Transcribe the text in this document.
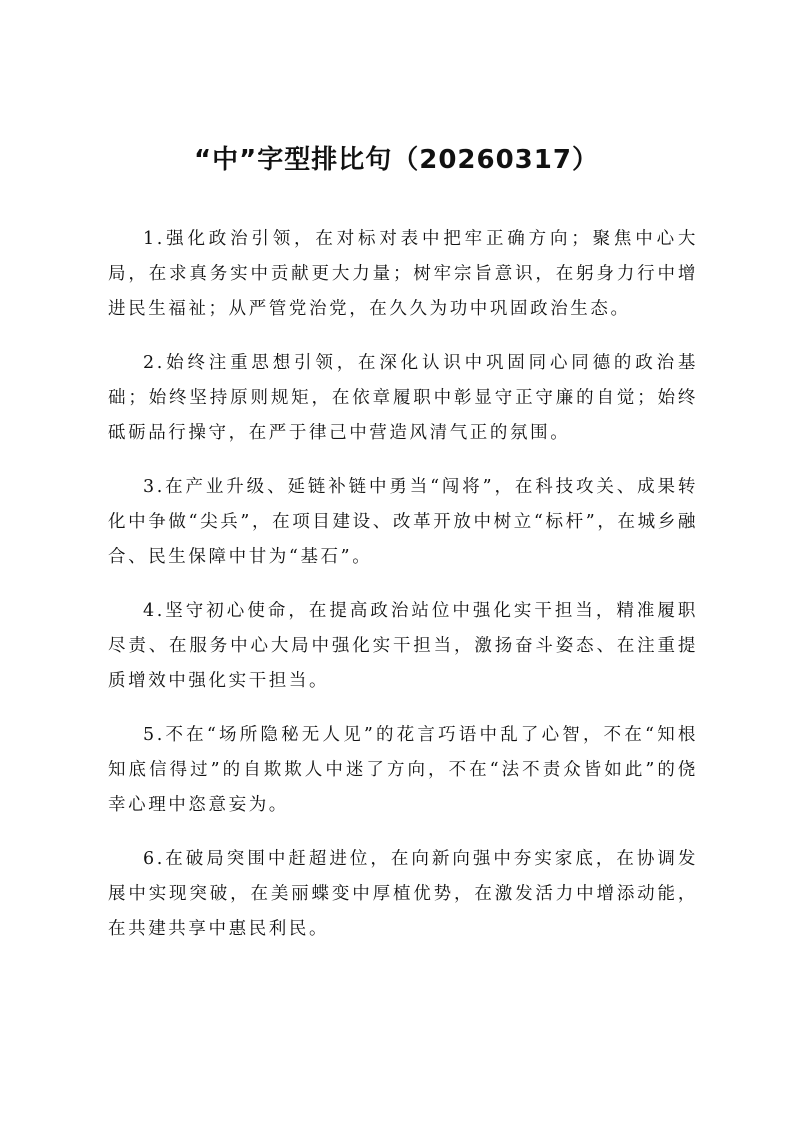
“中”字型排比句（20260317）

1.强化政治引领，在对标对表中把牢正确方向；聚焦中心大局，在求真务实中贡献更大力量；树牢宗旨意识，在躬身力行中增进民生福祉；从严管党治党，在久久为功中巩固政治生态。

2.始终注重思想引领，在深化认识中巩固同心同德的政治基础；始终坚持原则规矩，在依章履职中彰显守正守廉的自觉；始终砥砺品行操守，在严于律己中营造风清气正的氛围。

3.在产业升级、延链补链中勇当“闯将”，在科技攻关、成果转化中争做“尖兵”，在项目建设、改革开放中树立“标杆”，在城乡融合、民生保障中甘为“基石”。

4.坚守初心使命，在提高政治站位中强化实干担当，精准履职尽责、在服务中心大局中强化实干担当，激扬奋斗姿态、在注重提质增效中强化实干担当。

5.不在“场所隐秘无人见”的花言巧语中乱了心智，不在“知根知底信得过”的自欺欺人中迷了方向，不在“法不责众皆如此”的侥幸心理中恣意妄为。

6.在破局突围中赶超进位，在向新向强中夯实家底，在协调发展中实现突破，在美丽蝶变中厚植优势，在激发活力中增添动能，在共建共享中惠民利民。
